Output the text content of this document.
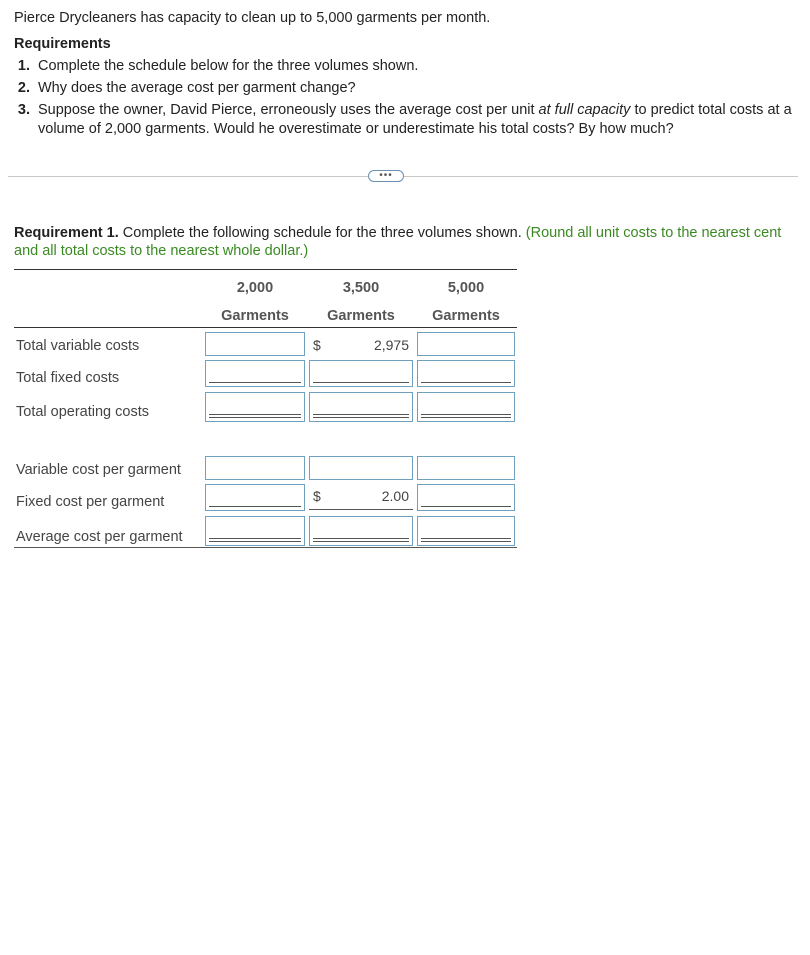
Pierce Drycleaners has capacity to clean up to 5,000 garments per month.
Requirements
1. Complete the schedule below for the three volumes shown.
2. Why does the average cost per garment change?
3. Suppose the owner, David Pierce, erroneously uses the average cost per unit at full capacity to predict total costs at a volume of 2,000 garments. Would he overestimate or underestimate his total costs? By how much?
•••
Requirement 1. Complete the following schedule for the three volumes shown. (Round all unit costs to the nearest cent and all total costs to the nearest whole dollar.)
2,000
Garments
3,500
Garments
5,000
Garments
Total variable costs
Total fixed costs
Total operating costs
Variable cost per garment
Fixed cost per garment
Average cost per garment
$	2,975
$	2.00
